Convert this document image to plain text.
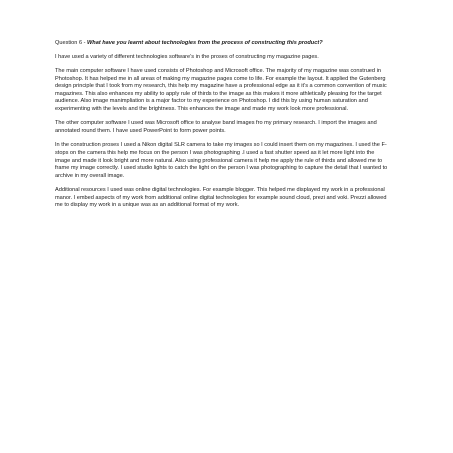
Question 6 - What have you learnt about technologies from the process of constructing this product?

I have used a variety of different technologies software’s in the proses of constructing my magazine pages.

The main computer software I have used consists of Photoshop and Microsoft office. The majority of my magazine was construed in Photoshop. It has helped me in all areas of making my magazine pages come to life. For example the layout. It applied the Gutenberg design principle that I took from my research, this help my magazine have a professional edge as it it’s a common convention of music magazines. This also enhances my ability to apply rule of thirds to the image as this makes it more athletically pleasing for the target audience. Also image manimpliation is a major factor to my experience on Photoshop. I did this by using human saturation and experimenting with the levels and the brightness. This enhances the image and made my work look more professional.

The other computer software I used was Microsoft office to analyse band images fro my primary research. I import the images and annotated round them. I have used PowerPoint to form power points.

In the construction proses I used a Nikon digital SLR camera to take my images so I could insert them on my magazines. I used the F-stops on the camera this help me focus on the person I was photographing .I used a fast shutter speed as it let more light into the image and made it look bright and more natural. Also using professional camera it help me apply the rule of thirds and allowed me to frame my image correctly. I used studio lights to catch the light on the person I was photographing to capture the detail that I wanted to archive in my overall image.

Additional resources I used was online digital technologies. For example blogger. This helped me displayed my work in a professional manor. I embed aspects of my work from additional online digital technologies for example sound cloud, prezi and voki. Prezzi allowed me to display my work in a unique was as an additional format of my work.
